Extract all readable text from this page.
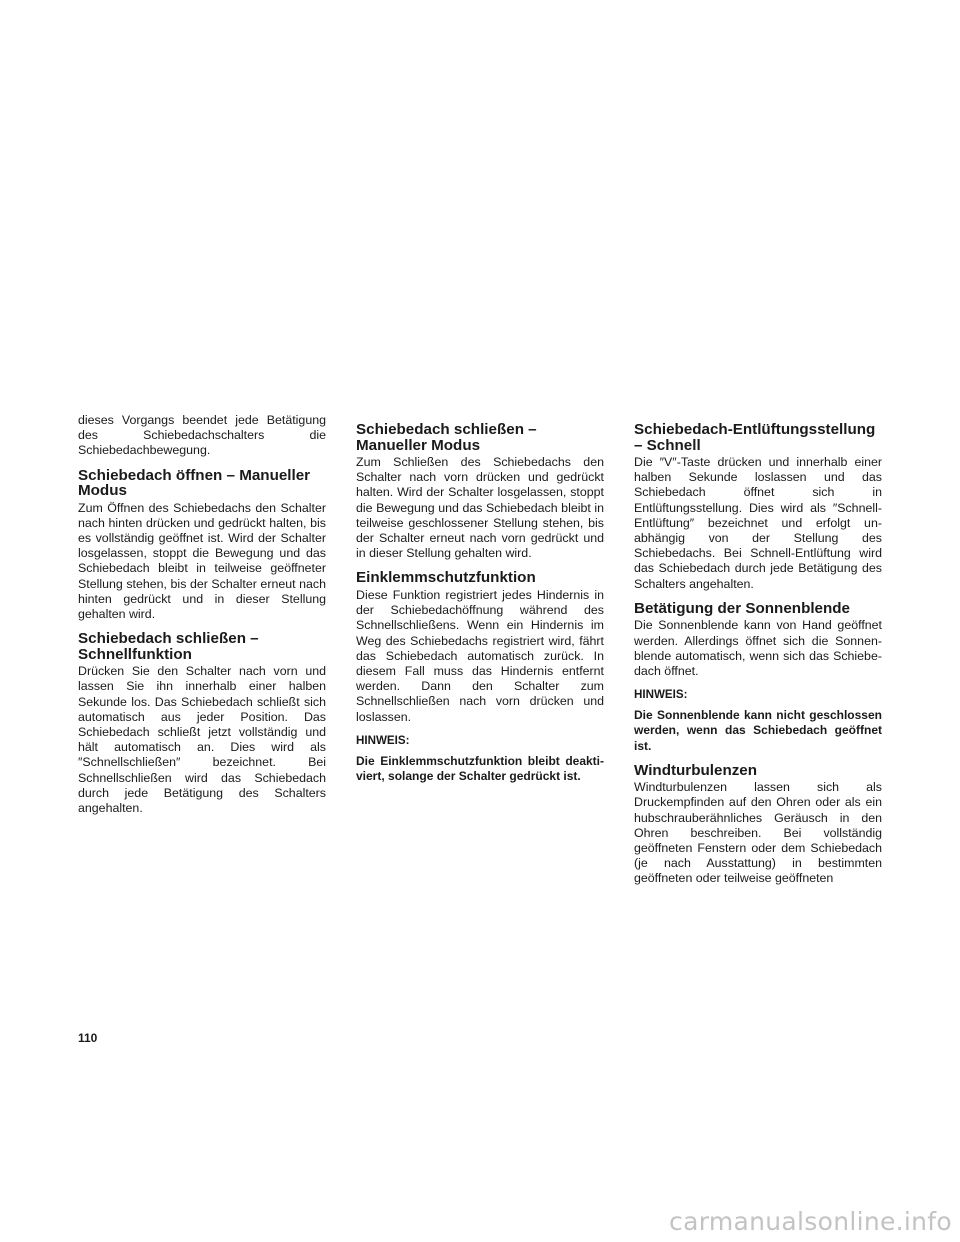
dieses Vorgangs beendet jede Betätigung des Schiebedachschalters die Schiebedachbewegung.

Schiebedach öffnen – Manueller Modus

Zum Öffnen des Schiebedachs den Schalter nach hinten drücken und gedrückt halten, bis es vollständig geöffnet ist. Wird der Schalter losgelassen, stoppt die Bewegung und das Schiebedach bleibt in teilweise geöffneter Stellung stehen, bis der Schalter erneut nach hinten gedrückt und in dieser Stellung gehalten wird.

Schiebedach schließen – Schnellfunktion

Drücken Sie den Schalter nach vorn und lassen Sie ihn innerhalb einer halben Sekunde los. Das Schiebedach schließt sich automatisch aus jeder Position. Das Schiebedach schließt jetzt vollständig und hält automatisch an. Dies wird als ″Schnellschließen″ bezeichnet. Bei Schnellschließen wird das Schiebedach durch jede Betätigung des Schalters angehalten.

Schiebedach schließen – Manueller Modus

Zum Schließen des Schiebedachs den Schalter nach vorn drücken und gedrückt halten. Wird der Schalter losgelassen, stoppt die Bewegung und das Schiebedach bleibt in teilweise geschlossener Stellung stehen, bis der Schalter erneut nach vorn gedrückt und in dieser Stellung gehalten wird.

Einklemmschutzfunktion

Diese Funktion registriert jedes Hindernis in der Schiebedachöffnung während des Schnellschließens. Wenn ein Hindernis im Weg des Schiebedachs registriert wird, fährt das Schiebedach automatisch zurück. In diesem Fall muss das Hindernis entfernt werden. Dann den Schalter zum Schnellschließen nach vorn drücken und loslassen.

HINWEIS:

Die Einklemmschutzfunktion bleibt deaktiviert, solange der Schalter gedrückt ist.

Schiebedach-Entlüftungsstellung – Schnell

Die ″V″-Taste drücken und innerhalb einer halben Sekunde loslassen und das Schiebedach öffnet sich in Entlüftungsstellung. Dies wird als ″Schnell-Entlüftung″ bezeichnet und erfolgt unabhängig von der Stellung des Schiebedachs. Bei Schnell-Entlüftung wird das Schiebedach durch jede Betätigung des Schalters angehalten.

Betätigung der Sonnenblende

Die Sonnenblende kann von Hand geöffnet werden. Allerdings öffnet sich die Sonnenblende automatisch, wenn sich das Schiebedach öffnet.

HINWEIS:

Die Sonnenblende kann nicht geschlossen werden, wenn das Schiebedach geöffnet ist.

Windturbulenzen

Windturbulenzen lassen sich als Druckempfinden auf den Ohren oder als ein hubschrauberähnliches Geräusch in den Ohren beschreiben. Bei vollständig geöffneten Fenstern oder dem Schiebedach (je nach Ausstattung) in bestimmten geöffneten oder teilweise geöffneten

110
carmanualsonline.info
